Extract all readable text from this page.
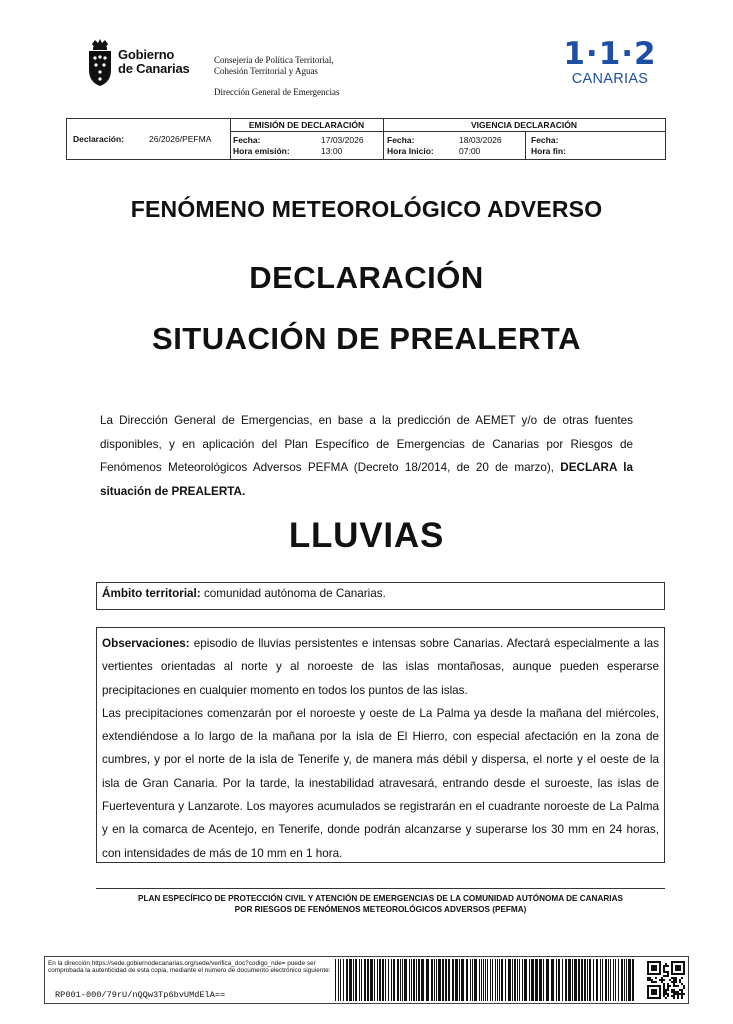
Gobierno
de Canarias
Consejería de Política Territorial,
Cohesión Territorial y Aguas
Dirección General de Emergencias
1·1·2
CANARIAS
Declaración:	26/2026/PEFMA
EMISIÓN DE DECLARACIÓN
Fecha:	17/03/2026
Hora emisión:	13:00
VIGENCIA DECLARACIÓN
Fecha:	18/03/2026
Hora Inicio:	07:00
Fecha:
Hora fin:
FENÓMENO METEOROLÓGICO ADVERSO
DECLARACIÓN
SITUACIÓN DE PREALERTA
La Dirección General de Emergencias, en base a la predicción de AEMET y/o de otras fuentes disponibles, y en aplicación del Plan Específico de Emergencias de Canarias por Riesgos de Fenómenos Meteorológicos Adversos PEFMA (Decreto 18/2014, de 20 de marzo), DECLARA la situación de PREALERTA.
LLUVIAS
Ámbito territorial: comunidad autónoma de Canarias.

Observaciones: episodio de lluvias persistentes e intensas sobre Canarias. Afectará especialmente a las vertientes orientadas al norte y al noroeste de las islas montañosas, aunque pueden esperarse precipitaciones en cualquier momento en todos los puntos de las islas.

Las precipitaciones comenzarán por el noroeste y oeste de La Palma ya desde la mañana del miércoles, extendiéndose a lo largo de la mañana por la isla de El Hierro, con especial afectación en la zona de cumbres, y por el norte de la isla de Tenerife y, de manera más débil y dispersa, el norte y el oeste de la isla de Gran Canaria. Por la tarde, la inestabilidad atravesará, entrando desde el suroeste, las islas de Fuerteventura y Lanzarote. Los mayores acumulados se registrarán en el cuadrante noroeste de La Palma y en la comarca de Acentejo, en Tenerife, donde podrán alcanzarse y superarse los 30 mm en 24 horas, con intensidades de más de 10 mm en 1 hora.

PLAN ESPECÍFICO DE PROTECCIÓN CIVIL Y ATENCIÓN DE EMERGENCIAS DE LA COMUNIDAD AUTÓNOMA DE CANARIAS
POR RIESGOS DE FENÓMENOS METEOROLÓGICOS ADVERSOS (PEFMA)
En la dirección https://sede.gobiernodecanarias.org/sede/verifica_doc?codigo_nde= puede ser comprobada la autenticidad de esta copia, mediante el número de documento electrónico siguiente:
RP001-000/79rU/nQQw3Tp6bvUMdElA==
